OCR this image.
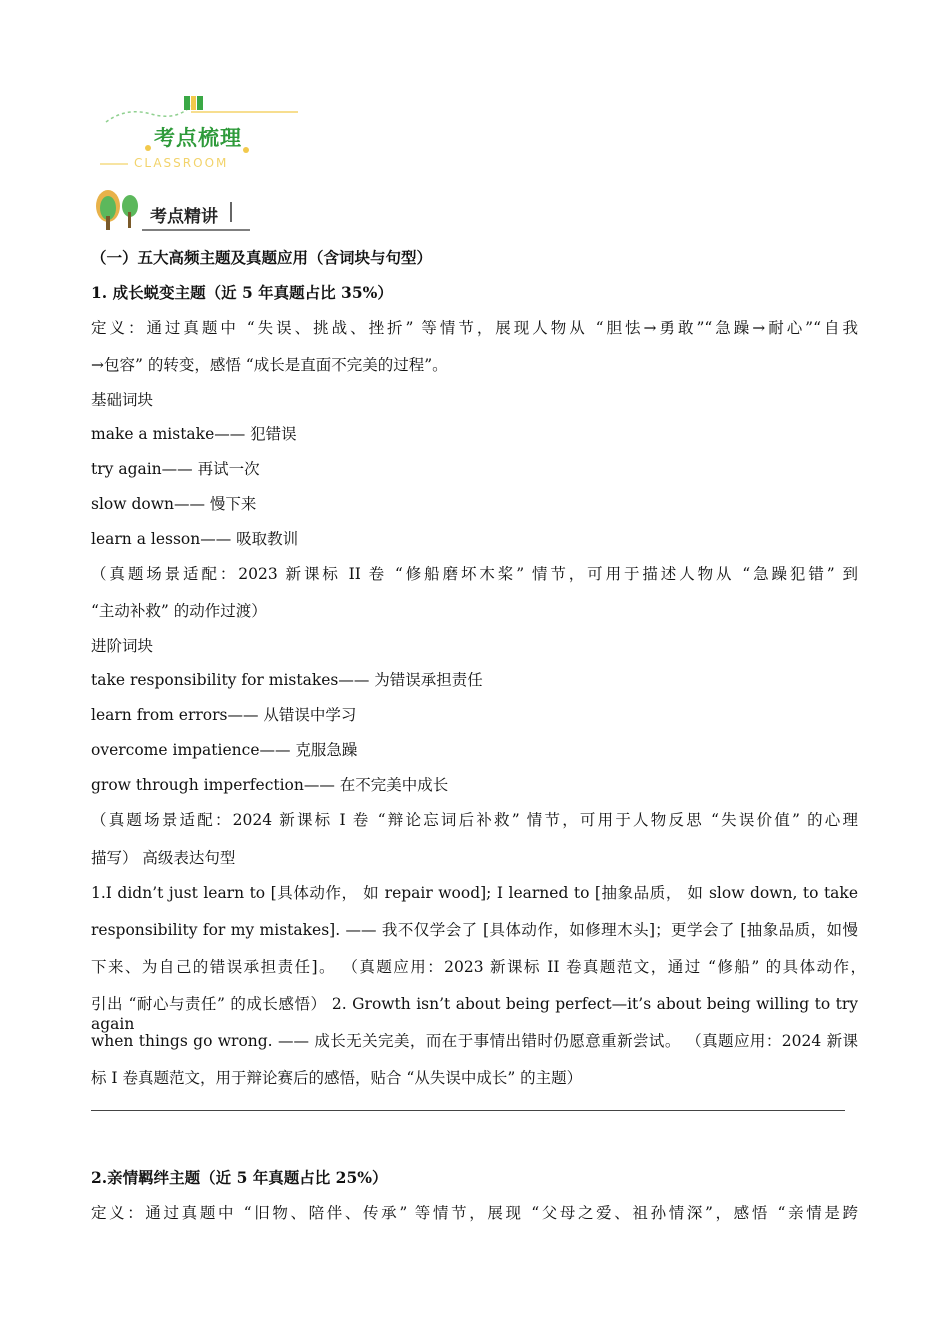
考点梳理
CLASSROOM
考点精讲
（一）五大高频主题及真题应用（含词块与句型）
1. 成长蜕变主题（近 5 年真题占比 35%）
定义：通过真题中 “失误、挑战、挫折” 等情节，展现人物从 “胆怯→勇敢”“急躁→耐心”“自我
→包容” 的转变，感悟 “成长是直面不完美的过程”。
基础词块
make a mistake—— 犯错误
try again—— 再试一次
slow down—— 慢下来
learn a lesson—— 吸取教训
（真题场景适配：2023 新课标 II 卷 “修船磨坏木桨” 情节，可用于描述人物从 “急躁犯错” 到
“主动补救” 的动作过渡）
进阶词块
take responsibility for mistakes—— 为错误承担责任
learn from errors—— 从错误中学习
overcome impatience—— 克服急躁
grow through imperfection—— 在不完美中成长
（真题场景适配：2024 新课标 I 卷 “辩论忘词后补救” 情节，可用于人物反思 “失误价值” 的心理
描写） 高级表达句型
1.I didn’t just learn to [具体动作， 如 repair wood]; I learned to [抽象品质， 如 slow down, to take
responsibility for my mistakes]. —— 我不仅学会了 [具体动作，如修理木头]；更学会了 [抽象品质，如慢
下来、为自己的错误承担责任]。 （真题应用：2023 新课标 II 卷真题范文，通过 “修船” 的具体动作，
引出 “耐心与责任” 的成长感悟） 2. Growth isn’t about being perfect—it’s about being willing to try again
when things go wrong. —— 成长无关完美，而在于事情出错时仍愿意重新尝试。 （真题应用：2024 新课
标 I 卷真题范文，用于辩论赛后的感悟，贴合 “从失误中成长” 的主题）
2.亲情羁绊主题（近 5 年真题占比 25%）
定义：通过真题中 “旧物、陪伴、传承” 等情节，展现 “父母之爱、祖孙情深”，感悟 “亲情是跨
